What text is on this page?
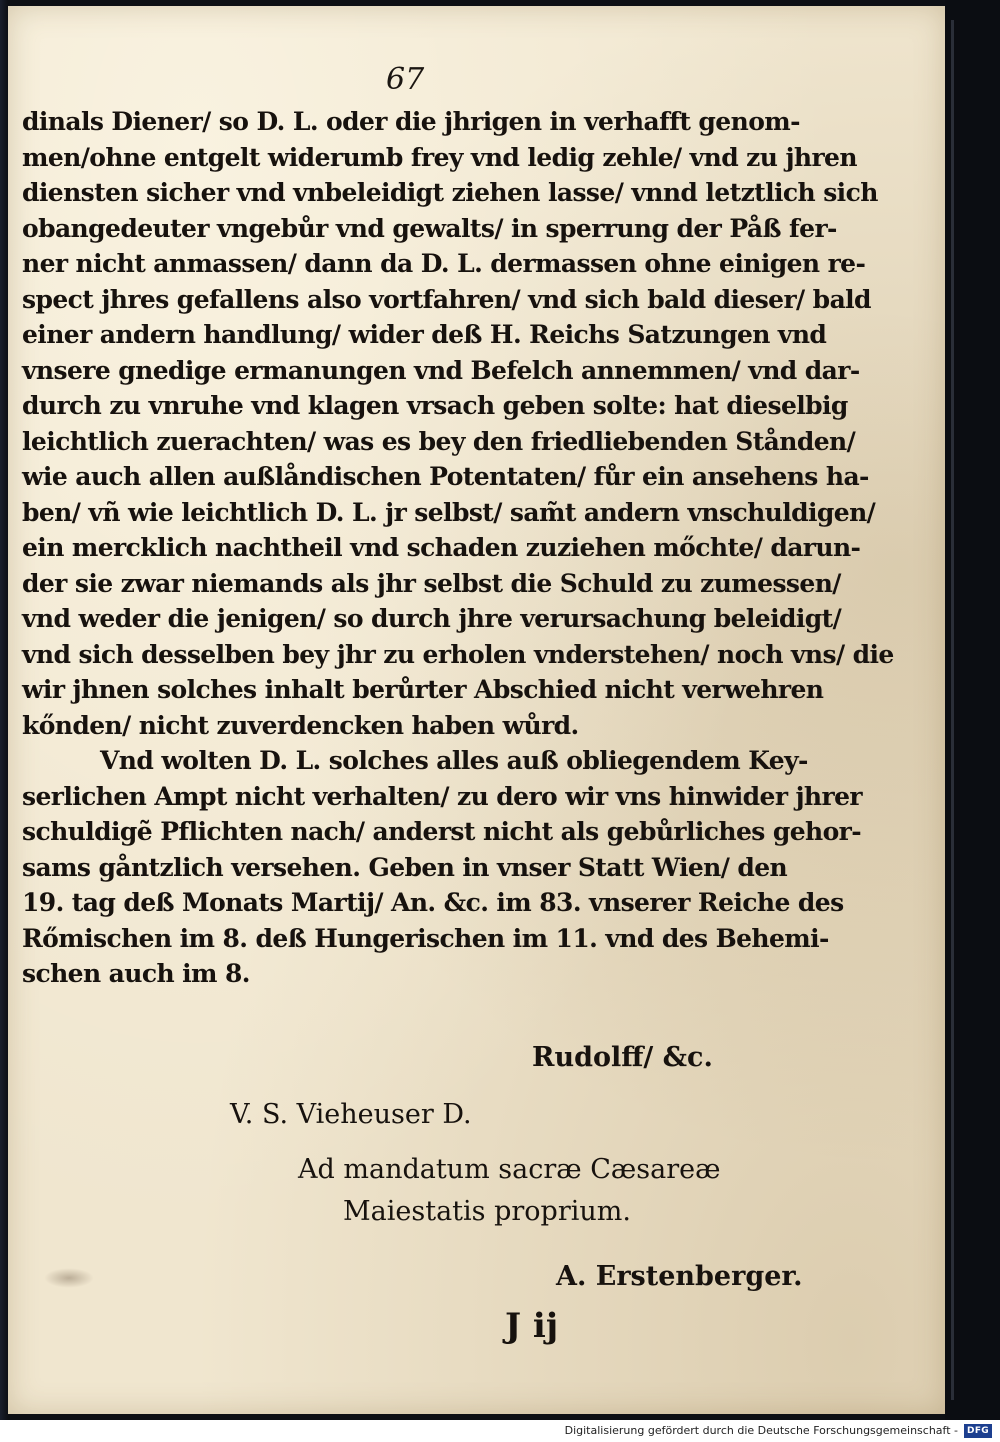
67
dinals Diener/ so D. L. oder die jhrigen in verhafft genom-
men/ohne entgelt widerumb frey vnd ledig zehle/ vnd zu jhren
diensten sicher vnd vnbeleidigt ziehen lasse/ vnnd letztlich sich
obangedeuter vngebůr vnd gewalts/ in sperrung der Påß fer-
ner nicht anmassen/ dann da D. L. dermassen ohne einigen re-
spect jhres gefallens also vortfahren/ vnd sich bald dieser/ bald
einer andern handlung/ wider deß H. Reichs Satzungen vnd
vnsere gnedige ermanungen vnd Befelch annemmen/ vnd dar-
durch zu vnruhe vnd klagen vrsach geben solte: hat dieselbig
leichtlich zuerachten/ was es bey den friedliebenden Stånden/
wie auch allen außlåndischen Potentaten/ fůr ein ansehens ha-
ben/ vñ wie leichtlich D. L. jr selbst/ sam̃t andern vnschuldigen/
ein mercklich nachtheil vnd schaden zuziehen mőchte/ darun-
der sie zwar niemands als jhr selbst die Schuld zu zumessen/
vnd weder die jenigen/ so durch jhre verursachung beleidigt/
vnd sich desselben bey jhr zu erholen vnderstehen/ noch vns/ die
wir jhnen solches inhalt berůrter Abschied nicht verwehren
kőnden/ nicht zuverdencken haben wůrd.
Vnd wolten D. L. solches alles auß obliegendem Key-
serlichen Ampt nicht verhalten/ zu dero wir vns hinwider jhrer
schuldigẽ Pflichten nach/ anderst nicht als gebůrliches gehor-
sams gåntzlich versehen. Geben in vnser Statt Wien/ den
19. tag deß Monats Martij/ An. &c. im 83. vnserer Reiche des
Rőmischen im 8. deß Hungerischen im 11. vnd des Behemi-
schen auch im 8.
Rudolff/ &c.
V. S. Vieheuser D.
Ad mandatum sacræ Cæsareæ
Maiestatis proprium.
A. Erstenberger.
J ij
Digitalisierung gefördert durch die Deutsche Forschungsgemeinschaft -	DFG
